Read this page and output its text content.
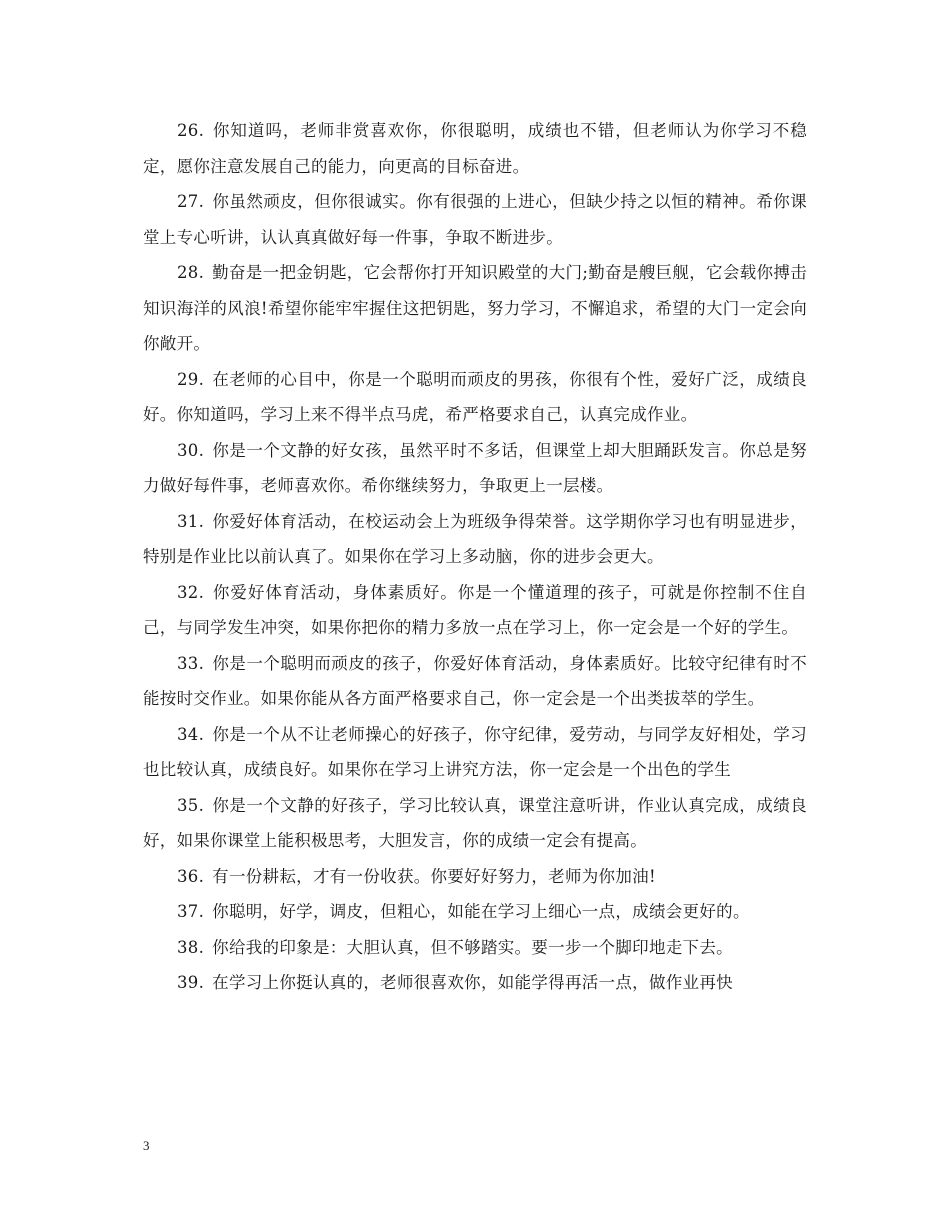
26. 你知道吗，老师非赏喜欢你，你很聪明，成绩也不错，但老师认为你学习不稳定，愿你注意发展自己的能力，向更高的目标奋进。

27. 你虽然顽皮，但你很诚实。你有很强的上进心，但缺少持之以恒的精神。希你课堂上专心听讲，认认真真做好每一件事，争取不断进步。

28. 勤奋是一把金钥匙，它会帮你打开知识殿堂的大门;勤奋是艘巨舰，它会载你搏击知识海洋的风浪!希望你能牢牢握住这把钥匙，努力学习，不懈追求，希望的大门一定会向你敞开。

29. 在老师的心目中，你是一个聪明而顽皮的男孩，你很有个性，爱好广泛，成绩良好。你知道吗，学习上来不得半点马虎，希严格要求自己，认真完成作业。

30. 你是一个文静的好女孩，虽然平时不多话，但课堂上却大胆踊跃发言。你总是努力做好每件事，老师喜欢你。希你继续努力，争取更上一层楼。

31. 你爱好体育活动，在校运动会上为班级争得荣誉。这学期你学习也有明显进步，特别是作业比以前认真了。如果你在学习上多动脑，你的进步会更大。

32. 你爱好体育活动，身体素质好。你是一个懂道理的孩子，可就是你控制不住自己，与同学发生冲突，如果你把你的精力多放一点在学习上，你一定会是一个好的学生。

33. 你是一个聪明而顽皮的孩子，你爱好体育活动，身体素质好。比较守纪律有时不能按时交作业。如果你能从各方面严格要求自己，你一定会是一个出类拔萃的学生。

34. 你是一个从不让老师操心的好孩子，你守纪律，爱劳动，与同学友好相处，学习也比较认真，成绩良好。如果你在学习上讲究方法，你一定会是一个出色的学生

35. 你是一个文静的好孩子，学习比较认真，课堂注意听讲，作业认真完成，成绩良好，如果你课堂上能积极思考，大胆发言，你的成绩一定会有提高。

36. 有一份耕耘，才有一份收获。你要好好努力，老师为你加油!

37. 你聪明，好学，调皮，但粗心，如能在学习上细心一点，成绩会更好的。

38. 你给我的印象是：大胆认真，但不够踏实。要一步一个脚印地走下去。

39. 在学习上你挺认真的，老师很喜欢你，如能学得再活一点，做作业再快

3
